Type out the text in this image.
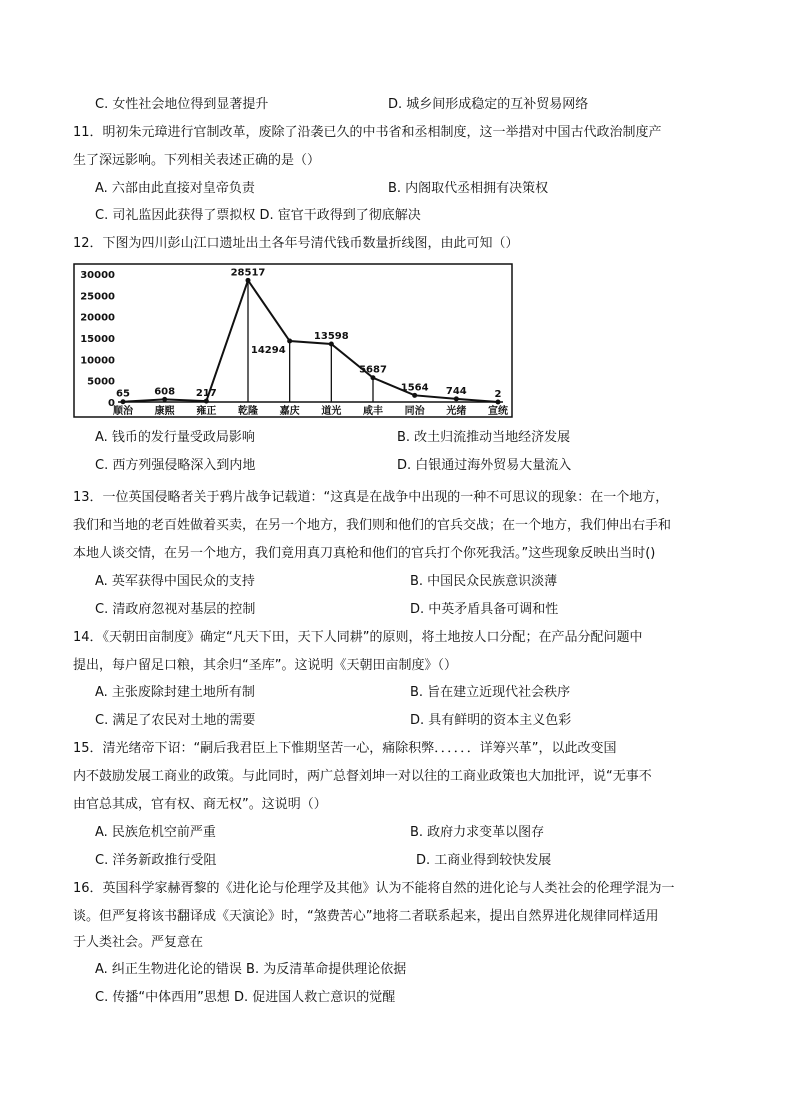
C. 女性社会地位得到显著提升	D. 城乡间形成稳定的互补贸易网络
11．明初朱元璋进行官制改革，废除了沿袭已久的中书省和丞相制度，这一举措对中国古代政治制度产
生了深远影响。下列相关表述正确的是（）
A. 六部由此直接对皇帝负责	B. 内阁取代丞相拥有决策权
C. 司礼监因此获得了票拟权 D. 宦官干政得到了彻底解决
12．下图为四川彭山江口遗址出土各年号清代钱币数量折线图，由此可知（）
30000
25000
20000
15000
10000
5000
0
65 608 217
28517
14294
13598
5687
1564 744	2
顺治 康熙 雍正 乾隆 嘉庆 道光 咸丰 同治 光绪 宣统
A. 钱币的发行量受政局影响	B. 改土归流推动当地经济发展
C. 西方列强侵略深入到内地	D. 白银通过海外贸易大量流入
13．一位英国侵略者关于鸦片战争记载道：“这真是在战争中出现的一种不可思议的现象：在一个地方，
我们和当地的老百姓做着买卖，在另一个地方，我们则和他们的官兵交战；在一个地方，我们伸出右手和
本地人谈交情，在另一个地方，我们竟用真刀真枪和他们的官兵打个你死我活。”这些现象反映出当时()
A. 英军获得中国民众的支持	B. 中国民众民族意识淡薄
C. 清政府忽视对基层的控制	D. 中英矛盾具备可调和性
14．《天朝田亩制度》确定“凡天下田，天下人同耕”的原则，将土地按人口分配；在产品分配问题中
提出，每户留足口粮，其余归“圣库”。这说明《天朝田亩制度》（）
A. 主张废除封建土地所有制	B. 旨在建立近现代社会秩序
C. 满足了农民对土地的需要	D. 具有鲜明的资本主义色彩
15．清光绪帝下诏：“嗣后我君臣上下惟期坚苦一心，痛除积弊．．．．．．详筹兴革”，以此改变国
内不鼓励发展工商业的政策。与此同时，两广总督刘坤一对以往的工商业政策也大加批评，说“无事不
由官总其成，官有权、商无权”。这说明（）
A. 民族危机空前严重	B. 政府力求变革以图存
C. 洋务新政推行受阻	D. 工商业得到较快发展
16．英国科学家赫胥黎的《进化论与伦理学及其他》认为不能将自然的进化论与人类社会的伦理学混为一
谈。但严复将该书翻译成《天演论》时，“煞费苦心”地将二者联系起来，提出自然界进化规律同样适用
于人类社会。严复意在
A. 纠正生物进化论的错误 B. 为反清革命提供理论依据
C. 传播“中体西用”思想 D. 促进国人救亡意识的觉醒
